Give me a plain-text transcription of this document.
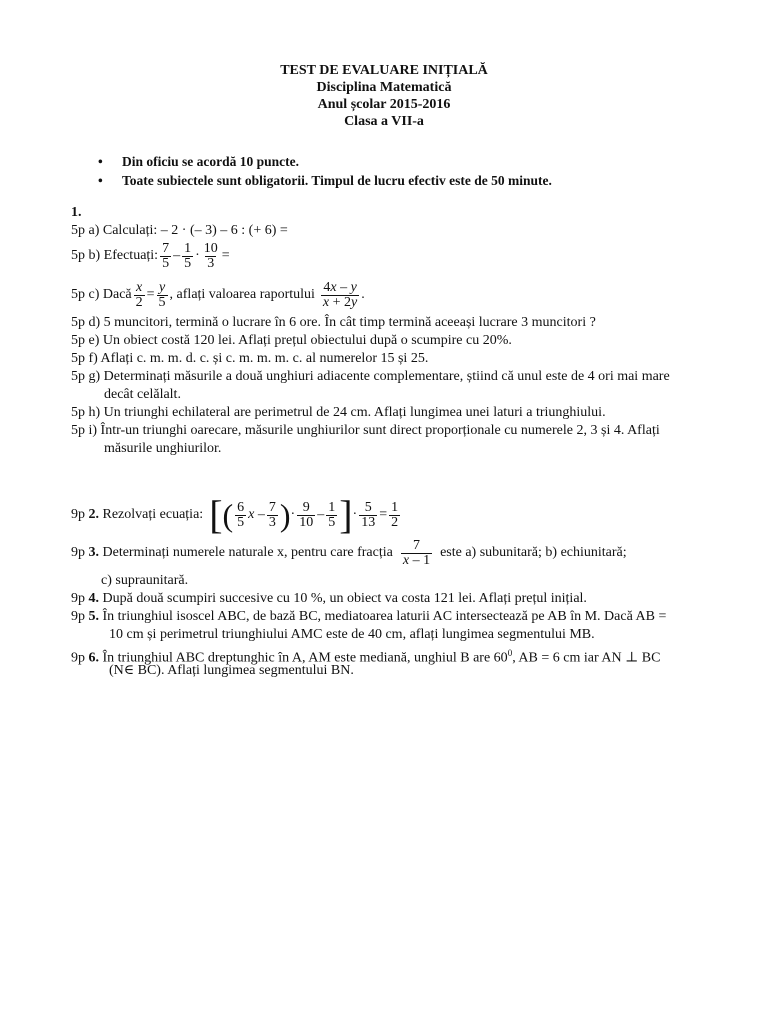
TEST DE EVALUARE INIȚIALĂ
Disciplina Matematică
Anul școlar 2015-2016
Clasa a VII-a
• Din oficiu se acordă 10 puncte.
• Toate subiectele sunt obligatorii. Timpul de lucru efectiv este de 50 minute.
1.
5p a) Calculați: – 2 · (– 3) – 6 : (+ 6) =
5p b) Efectuați: $\frac{7}{5} - \frac{1}{5} \cdot \frac{10}{3}$ =
5p c) Dacă $\frac{x}{2} = \frac{y}{5}$ , aflați valoarea raportului $\frac{4x - y}{x + 2y}$ .
5p d) 5 muncitori, termină o lucrare în 6 ore. În cât timp termină aceeași lucrare 3 muncitori ?
5p e) Un obiect costă 120 lei. Aflați prețul obiectului după o scumpire cu 20%.
5p f) Aflați c. m. m. d. c. și c. m. m. m. c. al numerelor 15 și 25.
5p g) Determinați măsurile a două unghiuri adiacente complementare, știind că unul este de 4 ori mai mare
decât celălalt.
5p h) Un triunghi echilateral are perimetrul de 24 cm. Aflați lungimea unei laturi a triunghiului.
5p i) Într-un triunghi oarecare, măsurile unghiurilor sunt direct proporționale cu numerele 2, 3 și 4. Aflați
măsurile unghiurilor.
9p
2.
Rezolvați ecuația: [ ( $\frac{6}{5}$ x – $\frac{7}{3}$ ) · $\frac{9}{10} - \frac{1}{5}$ ] · $\frac{5}{13} = \frac{1}{2}$
9p
3.
Determinați numerele naturale x, pentru care fracția $\frac{7}{x - 1}$ este a) subunitară; b) echiunitară;
c) supraunitară.
9p 4. După două scumpiri succesive cu 10 %, un obiect va costa 121 lei. Aflați prețul inițial.
9p 5. În triunghiul isoscel ABC, de bază BC, mediatoarea laturii AC intersectează pe AB în M. Dacă AB =
10 cm și perimetrul triunghiului AMC este de 40 cm, aflați lungimea segmentului MB.
9p 6. În triunghiul ABC dreptunghic în A, AM este mediană, unghiul B are $60^0$, AB = 6 cm iar AN ⊥ BC
(N∈ BC). Aflați lungimea segmentului BN.
